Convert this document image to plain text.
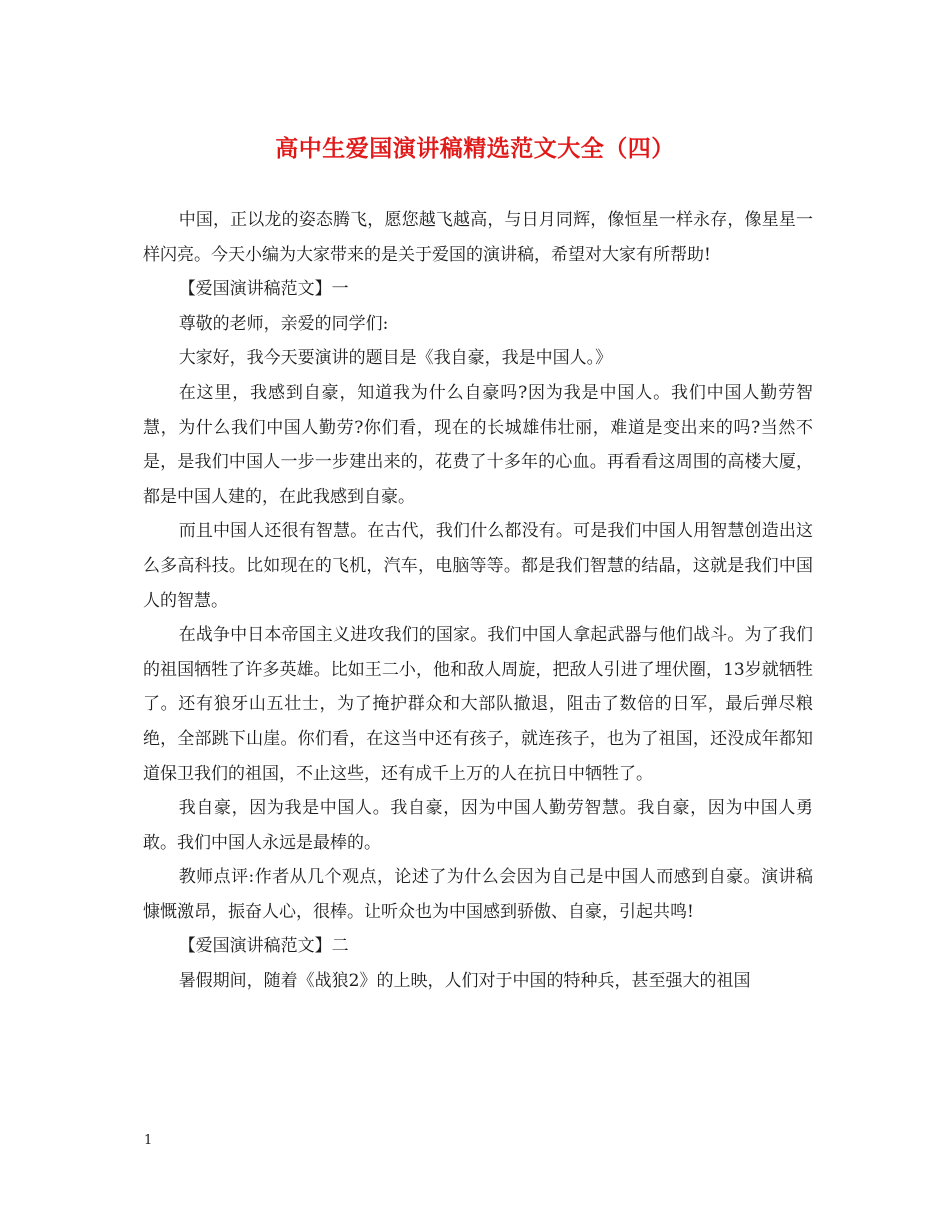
高中生爱国演讲稿精选范文大全（四）

中国，正以龙的姿态腾飞，愿您越飞越高，与日月同辉，像恒星一样永存，像星星一样闪亮。今天小编为大家带来的是关于爱国的演讲稿，希望对大家有所帮助!

【爱国演讲稿范文】一

尊敬的老师，亲爱的同学们:

大家好，我今天要演讲的题目是《我自豪，我是中国人。》

在这里，我感到自豪，知道我为什么自豪吗?因为我是中国人。我们中国人勤劳智慧，为什么我们中国人勤劳?你们看，现在的长城雄伟壮丽，难道是变出来的吗?当然不是，是我们中国人一步一步建出来的，花费了十多年的心血。再看看这周围的高楼大厦，都是中国人建的，在此我感到自豪。

而且中国人还很有智慧。在古代，我们什么都没有。可是我们中国人用智慧创造出这么多高科技。比如现在的飞机，汽车，电脑等等。都是我们智慧的结晶，这就是我们中国人的智慧。

在战争中日本帝国主义进攻我们的国家。我们中国人拿起武器与他们战斗。为了我们的祖国牺牲了许多英雄。比如王二小，他和敌人周旋，把敌人引进了埋伏圈，13岁就牺牲了。还有狼牙山五壮士，为了掩护群众和大部队撤退，阻击了数倍的日军，最后弹尽粮绝，全部跳下山崖。你们看，在这当中还有孩子，就连孩子，也为了祖国，还没成年都知道保卫我们的祖国，不止这些，还有成千上万的人在抗日中牺牲了。

我自豪，因为我是中国人。我自豪，因为中国人勤劳智慧。我自豪，因为中国人勇敢。我们中国人永远是最棒的。

教师点评:作者从几个观点，论述了为什么会因为自己是中国人而感到自豪。演讲稿慷慨激昂，振奋人心，很棒。让听众也为中国感到骄傲、自豪，引起共鸣!

【爱国演讲稿范文】二

暑假期间，随着《战狼2》的上映，人们对于中国的特种兵，甚至强大的祖国

1
